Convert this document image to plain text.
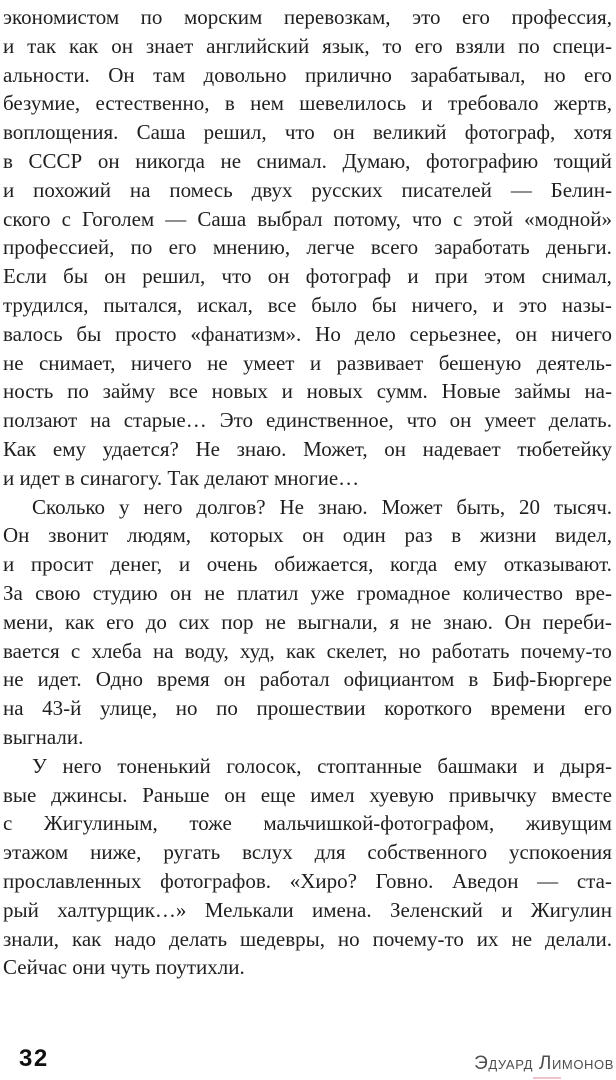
экономистом по морским перевозкам, это его профессия,
и так как он знает английский язык, то его взяли по специ-
альности. Он там довольно прилично зарабатывал, но его
безумие, естественно, в нем шевелилось и требовало жертв,
воплощения. Саша решил, что он великий фотограф, хотя
в СССР он никогда не снимал. Думаю, фотографию тощий
и похожий на помесь двух русских писателей — Белин-
ского с Гоголем — Саша выбрал потому, что с этой «модной»
профессией, по его мнению, легче всего заработать деньги.
Если бы он решил, что он фотограф и при этом снимал,
трудился, пытался, искал, все было бы ничего, и это назы-
валось бы просто «фанатизм». Но дело серьезнее, он ничего
не снимает, ничего не умеет и развивает бешеную деятель-
ность по займу все новых и новых сумм. Новые займы на-
ползают на старые… Это единственное, что он умеет делать.
Как ему удается? Не знаю. Может, он надевает тюбетейку
и идет в синагогу. Так делают многие…
Сколько у него долгов? Не знаю. Может быть, 20 тысяч.
Он звонит людям, которых он один раз в жизни видел,
и просит денег, и очень обижается, когда ему отказывают.
За свою студию он не платил уже громадное количество вре-
мени, как его до сих пор не выгнали, я не знаю. Он переби-
вается с хлеба на воду, худ, как скелет, но работать почему-то
не идет. Одно время он работал официантом в Биф-Бюргере
на 43-й улице, но по прошествии короткого времени его
выгнали.
У него тоненький голосок, стоптанные башмаки и дыря-
вые джинсы. Раньше он еще имел хуевую привычку вместе
с Жигулиным, тоже мальчишкой-фотографом, живущим
этажом ниже, ругать вслух для собственного успокоения
прославленных фотографов. «Хиро? Говно. Аведон — ста-
рый халтурщик…» Мелькали имена. Зеленский и Жигулин
знали, как надо делать шедевры, но почему-то их не делали.
Сейчас они чуть поутихли.
32	Эдуард Лимонов
